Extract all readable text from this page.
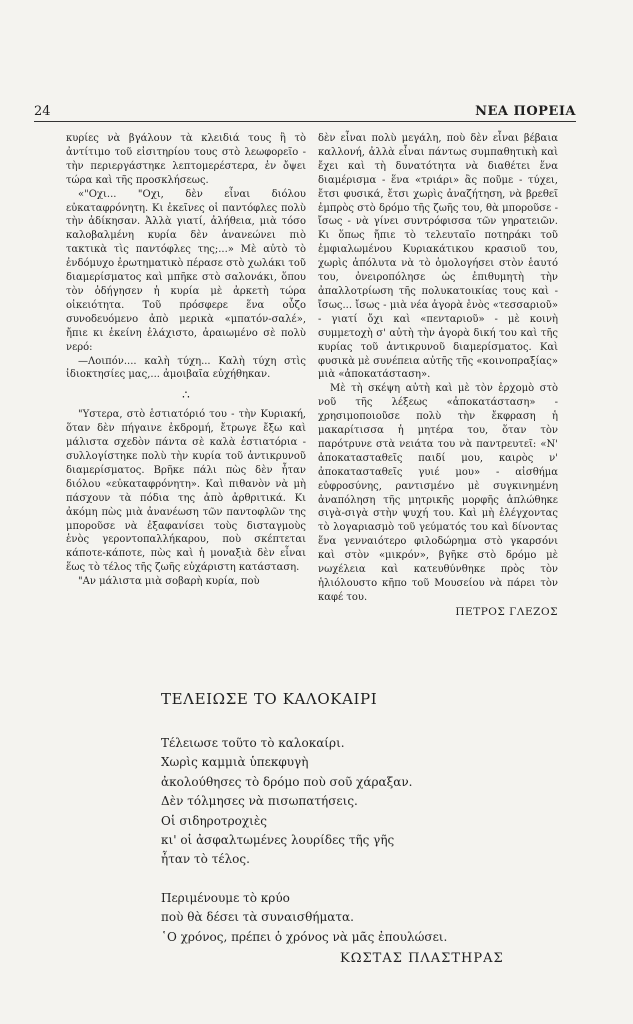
24	ΝΕΑ ΠΟΡΕΙΑ

κυρίες νὰ βγάλουν τὰ κλειδιά τους ἢ τὸ ἀντίτιμο τοῦ εἰσιτηρίου τους στὸ λεωφορεῖο - τὴν περιεργάστηκε λεπτομερέστερα, ἐν ὄψει τώρα καὶ τῆς προσκλήσεως.

«"Οχι... "Οχι, δὲν εἶναι διόλου εὐκαταφρόνητη. Κι ἐκεῖνες οἱ παντόφλες πολὺ τὴν ἀδίκησαν. Ἀλλὰ γιατί, ἀλήθεια, μιὰ τόσο καλοβαλμένη κυρία δὲν ἀνανεώνει πιὸ τακτικὰ τὶς παντόφλες της;...» Μὲ αὐτὸ τὸ ἐνδόμυχο ἐρωτηματικὸ πέρασε στὸ χωλάκι τοῦ διαμερίσματος καὶ μπῆκε στὸ σαλονάκι, ὅπου τὸν ὁδήγησεν ἡ κυρία μὲ ἀρκετὴ τώρα οἰκειότητα. Τοῦ πρόσφερε ἕνα οὖζο συνοδευόμενο ἀπὸ μερικὰ «μπατόν-σαλέ», ἤπιε κι ἐκείνη ἐλάχιστο, ἀραιωμένο σὲ πολὺ νερό:

—Λοιπόν.... καλὴ τύχη... Καλὴ τύχη στὶς ἰδιοκτησίες μας,... ἀμοιβαῖα εὐχήθηκαν.

∴

"Υστερα, στὸ ἑστιατόριό του - τὴν Κυριακή, ὅταν δὲν πήγαινε ἐκδρομή, ἔτρωγε ἔξω καὶ μάλιστα σχεδὸν πάντα σὲ καλὰ ἑστιατόρια - συλλογίστηκε πολὺ τὴν κυρία τοῦ ἀντικρυνοῦ διαμερίσματος. Βρῆκε πάλι πὼς δὲν ἦταν διόλου «εὐκαταφρόνητη». Καὶ πιθανὸν νὰ μὴ πάσχουν τὰ πόδια της ἀπὸ ἀρθριτικά. Κι ἀκόμη πὼς μιὰ ἀνανέωση τῶν παντοφλῶν της μποροῦσε νὰ ἐξαφανίσει τοὺς δισταγμοὺς ἑνὸς γεροντοπαλλήκαρου, ποὺ σκέπτεται κάποτε-κάποτε, πὼς καὶ ἡ μοναξιὰ δὲν εἶναι ἕως τὸ τέλος τῆς ζωῆς εὐχάριστη κατάσταση.

"Αν μάλιστα μιὰ σοβαρὴ κυρία, ποὺ

δὲν εἶναι πολὺ μεγάλη, ποὺ δὲν εἶναι βέβαια καλλονή, ἀλλὰ εἶναι πάντως συμπαθητικὴ καὶ ἔχει καὶ τὴ δυνατότητα νὰ διαθέτει ἕνα διαμέρισμα - ἕνα «τριάρι» ἂς ποῦμε - τύχει, ἔτσι φυσικά, ἔτσι χωρὶς ἀναζήτηση, νὰ βρεθεῖ ἐμπρὸς στὸ δρόμο τῆς ζωῆς του, θὰ μποροῦσε - ἴσως - νὰ γίνει συντρόφισσα τῶν γηρατειῶν. Κι ὅπως ἤπιε τὸ τελευταῖο ποτηράκι τοῦ ἐμφιαλωμένου Κυριακάτικου κρασιοῦ του, χωρὶς ἀπόλυτα νὰ τὸ ὁμολογήσει στὸν ἑαυτό του, ὀνειροπόλησε ὡς ἐπιθυμητὴ τὴν ἀπαλλοτρίωση τῆς πολυκατοικίας τους καὶ - ἴσως... ἴσως - μιὰ νέα ἀγορὰ ἑνὸς «τεσσαριοῦ» - γιατί ὄχι καὶ «πενταριοῦ» - μὲ κοινὴ συμμετοχὴ σ' αὐτὴ τὴν ἀγορὰ δική του καὶ τῆς κυρίας τοῦ ἀντικρυνοῦ διαμερίσματος. Καὶ φυσικὰ μὲ συνέπεια αὐτῆς τῆς «κοινοπραξίας» μιὰ «ἀποκατάσταση».

Μὲ τὴ σκέψη αὐτὴ καὶ μὲ τὸν ἐρχομὸ στὸ νοῦ τῆς λέξεως «ἀποκατάσταση» - χρησιμοποιοῦσε πολὺ τὴν ἔκφραση ἡ μακαρίτισσα ἡ μητέρα του, ὅταν τὸν παρότρυνε στὰ νειάτα του νὰ παντρευτεῖ: «Ν' ἀποκατασταθεῖς παιδί μου, καιρὸς ν' ἀποκατασταθεῖς γυιέ μου» - αἰσθήμα εὐφροσύνης, ραντισμένο μὲ συγκινημένη ἀναπόληση τῆς μητρικῆς μορφῆς ἁπλώθηκε σιγὰ-σιγὰ στὴν ψυχή του. Καὶ μὴ ἐλέγχοντας τὸ λογαριασμὸ τοῦ γεύματός του καὶ δίνοντας ἕνα γενναιότερο φιλοδώρημα στὸ γκαρσόνι καὶ στὸν «μικρόν», βγῆκε στὸ δρόμο μὲ νωχέλεια καὶ κατευθύνθηκε πρὸς τὸν ἡλιόλουστο κῆπο τοῦ Μουσείου νὰ πάρει τὸν καφέ του.

ΠΕΤΡΟΣ ΓΛΕΖΟΣ
ΤΕΛΕΙΩΣΕ ΤΟ ΚΑΛΟΚΑΙΡΙ
Τέλειωσε τοῦτο τὸ καλοκαίρι.
Χωρὶς καμμιὰ ὑπεκφυγὴ
ἀκολούθησες τὸ δρόμο ποὺ σοῦ χάραξαν.
Δὲν τόλμησες νὰ πισωπατήσεις.
Οἱ σιδηροτροχιὲς
κι' οἱ ἀσφαλτωμένες λουρίδες τῆς γῆς
ἦταν τὸ τέλος.
Περιμένουμε τὸ κρύο
ποὺ θὰ δέσει τὰ συναισθήματα.
῾Ο χρόνος, πρέπει ὁ χρόνος νὰ μᾶς ἐπουλώσει.
ΚΩΣΤΑΣ ΠΛΑΣΤΗΡΑΣ
